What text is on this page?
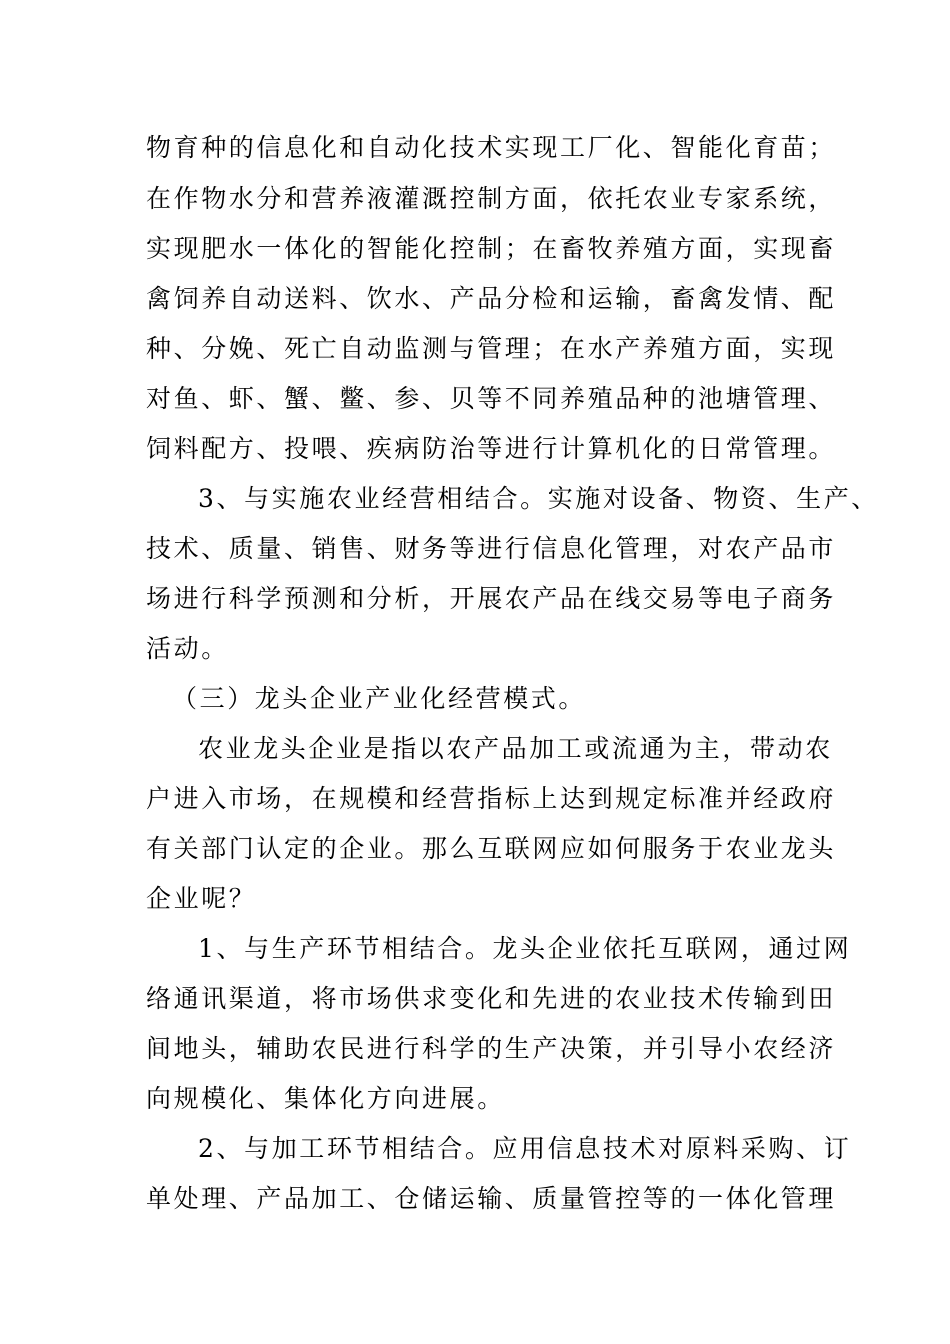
物育种的信息化和自动化技术实现工厂化、智能化育苗；
在作物水分和营养液灌溉控制方面，依托农业专家系统，
实现肥水一体化的智能化控制；在畜牧养殖方面，实现畜
禽饲养自动送料、饮水、产品分检和运输，畜禽发情、配
种、分娩、死亡自动监测与管理；在水产养殖方面，实现
对鱼、虾、蟹、鳖、参、贝等不同养殖品种的池塘管理、
饲料配方、投喂、疾病防治等进行计算机化的日常管理。
3、与实施农业经营相结合。实施对设备、物资、生产、
技术、质量、销售、财务等进行信息化管理，对农产品市
场进行科学预测和分析，开展农产品在线交易等电子商务
活动。
（三）龙头企业产业化经营模式。
农业龙头企业是指以农产品加工或流通为主，带动农
户进入市场，在规模和经营指标上达到规定标准并经政府
有关部门认定的企业。那么互联网应如何服务于农业龙头
企业呢？
1、与生产环节相结合。龙头企业依托互联网，通过网
络通讯渠道，将市场供求变化和先进的农业技术传输到田
间地头，辅助农民进行科学的生产决策，并引导小农经济
向规模化、集体化方向进展。
2、与加工环节相结合。应用信息技术对原料采购、订
单处理、产品加工、仓储运输、质量管控等的一体化管理
